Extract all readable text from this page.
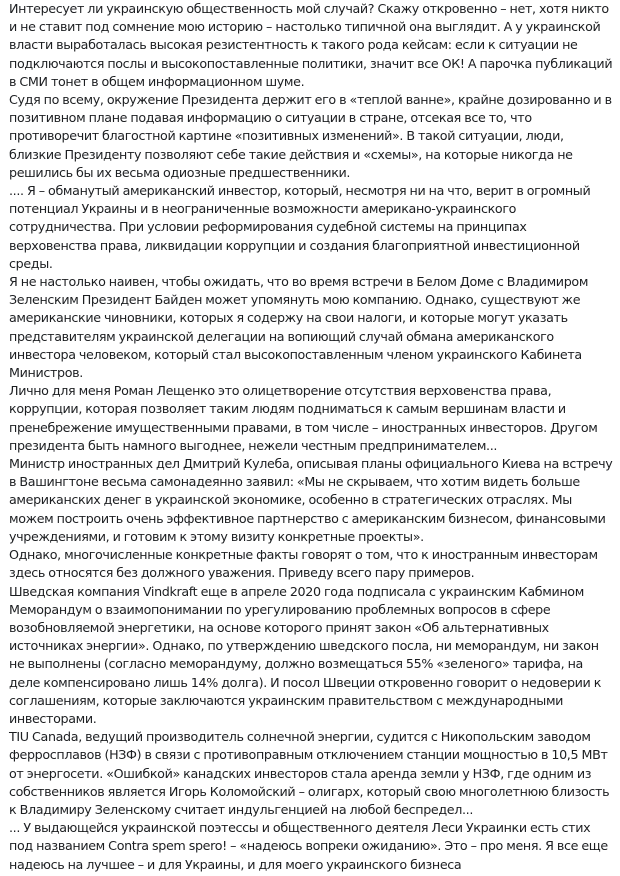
Интересует ли украинскую общественность мой случай? Скажу откровенно – нет, хотя никто и не ставит под сомнение мою историю – настолько типичной она выглядит. А у украинской власти выработалась высокая резистентность к такого рода кейсам: если к ситуации не подключаются послы и высокопоставленные политики, значит все ОК! А парочка публикаций в СМИ тонет в общем информационном шуме.

Судя по всему, окружение Президента держит его в «теплой ванне», крайне дозированно и в позитивном плане подавая информацию о ситуации в стране, отсекая все то, что противоречит благостной картине «позитивных изменений». В такой ситуации, люди, близкие Президенту позволяют себе такие действия и «схемы», на которые никогда не решились бы их весьма одиозные предшественники.

.... Я – обманутый американский инвестор, который, несмотря ни на что, верит в огромный потенциал Украины и в неограниченные возможности американо-украинского сотрудничества. При условии реформирования судебной системы на принципах верховенства права, ликвидации коррупции и создания благоприятной инвестиционной среды.

Я не настолько наивен, чтобы ожидать, что во время встречи в Белом Доме с Владимиром Зеленским Президент Байден может упомянуть мою компанию. Однако, существуют же американские чиновники, которых я содержу на свои налоги, и которые могут указать представителям украинской делегации на вопиющий случай обмана американского инвестора человеком, который стал высокопоставленным членом украинского Кабинета Министров.

Лично для меня Роман Лещенко это олицетворение отсутствия верховенства права, коррупции, которая позволяет таким людям подниматься к самым вершинам власти и пренебрежение имущественными правами, в том числе – иностранных инвесторов. Другом президента быть намного выгоднее, нежели честным предпринимателем...

Министр иностранных дел Дмитрий Кулеба, описывая планы официального Киева на встречу в Вашингтоне весьма самонадеянно заявил: «Мы не скрываем, что хотим видеть больше американских денег в украинской экономике, особенно в стратегических отраслях. Мы можем построить очень эффективное партнерство с американским бизнесом, финансовыми учреждениями, и готовим к этому визиту конкретные проекты».

Однако, многочисленные конкретные факты говорят о том, что к иностранным инвесторам здесь относятся без должного уважения. Приведу всего пару примеров.

Шведская компания Vindkraft еще в апреле 2020 года подписала с украинским Кабмином Меморандум о взаимопонимании по урегулированию проблемных вопросов в сфере возобновляемой энергетики, на основе которого принят закон «Об альтернативных источниках энергии». Однако, по утверждению шведского посла, ни меморандум, ни закон не выполнены (согласно меморандуму, должно возмещаться 55% «зеленого» тарифа, на деле компенсировано лишь 14% долга). И посол Швеции откровенно говорит о недоверии к соглашениям, которые заключаются украинским правительством с международными инвесторами.

TIU Canada, ведущий производитель солнечной энергии, судится с Никопольским заводом ферросплавов (НЗФ) в связи с противоправным отключением станции мощностью в 10,5 МВт от энергосети. «Ошибкой» канадских инвесторов стала аренда земли у НЗФ, где одним из собственников является Игорь Коломойский – олигарх, который свою многолетнюю близость к Владимиру Зеленскому считает индульгенцией на любой беспредел...

... У выдающейся украинской поэтессы и общественного деятеля Леси Украинки есть стих под названием Contra spem spero! – «надеюсь вопреки ожиданию». Это – про меня. Я все еще надеюсь на лучшее – и для Украины, и для моего украинского бизнеса
